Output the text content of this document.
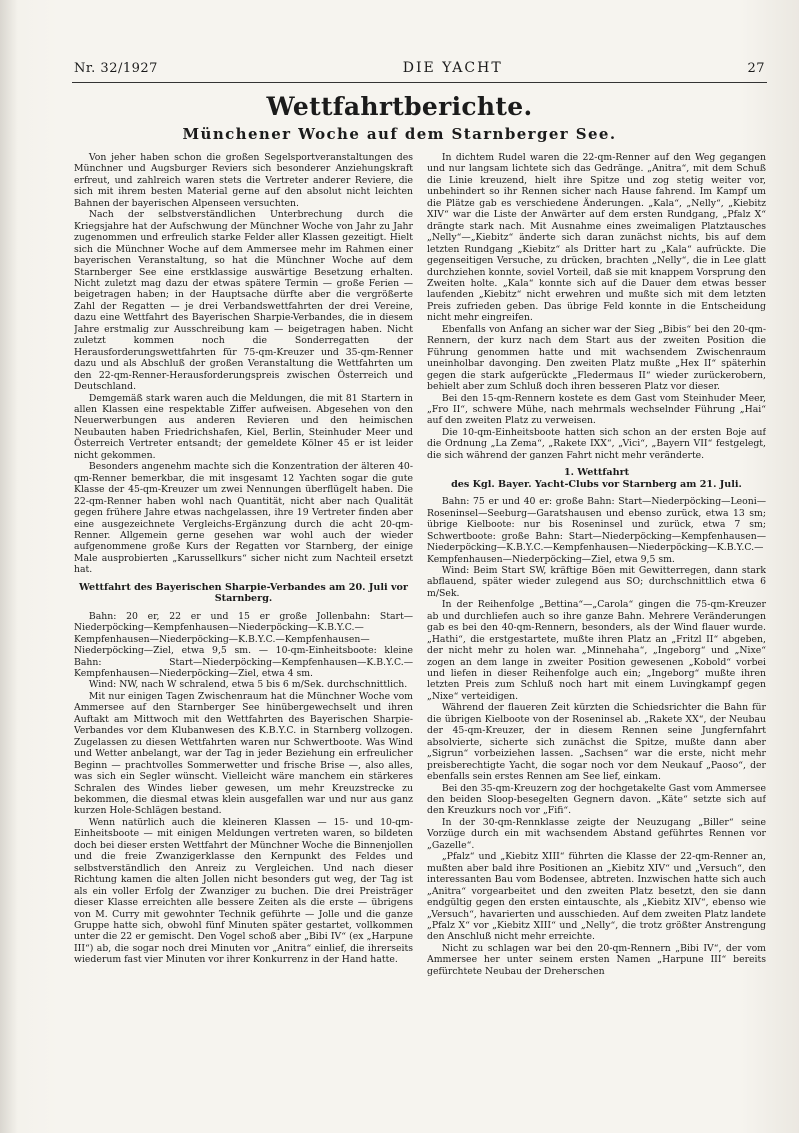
Nr. 32/1927	DIE YACHT	27
Wettfahrtberichte.
Münchener Woche auf dem Starnberger See.

Von jeher haben schon die großen Segelsportveranstaltungen des Münchner und Augsburger Reviers sich besonderer Anziehungskraft erfreut, und zahlreich waren stets die Vertreter anderer Reviere, die sich mit ihrem besten Material gerne auf den absolut nicht leichten Bahnen der bayerischen Alpenseen versuchten.

Nach der selbstverständlichen Unterbrechung durch die Kriegsjahre hat der Aufschwung der Münchner Woche von Jahr zu Jahr zugenommen und erfreulich starke Felder aller Klassen gezeitigt. Hielt sich die Münchner Woche auf dem Ammersee mehr im Rahmen einer bayerischen Veranstaltung, so hat die Münchner Woche auf dem Starnberger See eine erstklassige auswärtige Besetzung erhalten. Nicht zuletzt mag dazu der etwas spätere Termin — große Ferien — beigetragen haben; in der Hauptsache dürfte aber die vergrößerte Zahl der Regatten — je drei Verbandswettfahrten der drei Vereine, dazu eine Wettfahrt des Bayerischen Sharpie-Verbandes, die in diesem Jahre erstmalig zur Ausschreibung kam — beigetragen haben. Nicht zuletzt kommen noch die Sonderregatten der Herausforderungswettfahrten für 75-qm-Kreuzer und 35-qm-Renner dazu und als Abschluß der großen Veranstaltung die Wettfahrten um den 22-qm-Renner-Herausforderungspreis zwischen Österreich und Deutschland.

Demgemäß stark waren auch die Meldungen, die mit 81 Startern in allen Klassen eine respektable Ziffer aufweisen. Abgesehen von den Neuerwerbungen aus anderen Revieren und den heimischen Neubauten haben Friedrichshafen, Kiel, Berlin, Steinhuder Meer und Österreich Vertreter entsandt; der gemeldete Kölner 45 er ist leider nicht gekommen.

Besonders angenehm machte sich die Konzentration der älteren 40-qm-Renner bemerkbar, die mit insgesamt 12 Yachten sogar die gute Klasse der 45-qm-Kreuzer um zwei Nennungen überflügelt haben. Die 22-qm-Renner haben wohl nach Quantität, nicht aber nach Qualität gegen frühere Jahre etwas nachgelassen, ihre 19 Vertreter finden aber eine ausgezeichnete Vergleichs-Ergänzung durch die acht 20-qm-Renner. Allgemein gerne gesehen war wohl auch der wieder aufgenommene große Kurs der Regatten vor Starnberg, der einige Male ausprobierten „Karussellkurs“ sicher nicht zum Nachteil ersetzt hat.

Wettfahrt des Bayerischen Sharpie-Verbandes am 20. Juli vor Starnberg.

Bahn: 20 er, 22 er und 15 er große Jollenbahn: Start—Niederpöcking—Kempfenhausen—Niederpöcking—K.B.Y.C.—Kempfenhausen—Niederpöcking—K.B.Y.C.—Kempfenhausen—Niederpöcking—Ziel, etwa 9,5 sm. — 10-qm-Einheitsboote: kleine Bahn: Start—Niederpöcking—Kempfenhausen—K.B.Y.C.—Kempfenhausen—Niederpöcking—Ziel, etwa 4 sm.

Wind: NW, nach W schralend, etwa 5 bis 6 m/Sek. durchschnittlich.

Mit nur einigen Tagen Zwischenraum hat die Münchner Woche vom Ammersee auf den Starnberger See hinübergewechselt und ihren Auftakt am Mittwoch mit den Wettfahrten des Bayerischen Sharpie-Verbandes vor dem Klubanwesen des K.B.Y.C. in Starnberg vollzogen. Zugelassen zu diesen Wettfahrten waren nur Schwertboote. Was Wind und Wetter anbelangt, war der Tag in jeder Beziehung ein erfreulicher Beginn — prachtvolles Sommerwetter und frische Brise —, also alles, was sich ein Segler wünscht. Vielleicht wäre manchem ein stärkeres Schralen des Windes lieber gewesen, um mehr Kreuzstrecke zu bekommen, die diesmal etwas klein ausgefallen war und nur aus ganz kurzen Hole-Schlägen bestand.

Wenn natürlich auch die kleineren Klassen — 15- und 10-qm-Einheitsboote — mit einigen Meldungen vertreten waren, so bildeten doch bei dieser ersten Wettfahrt der Münchner Woche die Binnenjollen und die freie Zwanzigerklasse den Kernpunkt des Feldes und selbstverständlich den Anreiz zu Vergleichen. Und nach dieser Richtung kamen die alten Jollen nicht besonders gut weg, der Tag ist als ein voller Erfolg der Zwanziger zu buchen. Die drei Preisträger dieser Klasse erreichten alle bessere Zeiten als die erste — übrigens von M. Curry mit gewohnter Technik geführte — Jolle und die ganze Gruppe hatte sich, obwohl fünf Minuten später gestartet, vollkommen unter die 22 er gemischt. Den Vogel schoß aber „Bibi IV“ (ex „Harpune III“) ab, die sogar noch drei Minuten vor „Anitra“ einlief, die ihrerseits wiederum fast vier Minuten vor ihrer Konkurrenz in der Hand hatte.

In dichtem Rudel waren die 22-qm-Renner auf den Weg gegangen und nur langsam lichtete sich das Gedränge. „Anitra“, mit dem Schuß die Linie kreuzend, hielt ihre Spitze und zog stetig weiter vor, unbehindert so ihr Rennen sicher nach Hause fahrend. Im Kampf um die Plätze gab es verschiedene Änderungen. „Kala“, „Nelly“, „Kiebitz XIV“ war die Liste der Anwärter auf dem ersten Rundgang, „Pfalz X“ drängte stark nach. Mit Ausnahme eines zweimaligen Platztausches „Nelly“—„Kiebitz“ änderte sich daran zunächst nichts, bis auf dem letzten Rundgang „Kiebitz“ als Dritter hart zu „Kala“ aufrückte. Die gegenseitigen Versuche, zu drücken, brachten „Nelly“, die in Lee glatt durchziehen konnte, soviel Vorteil, daß sie mit knappem Vorsprung den Zweiten holte. „Kala“ konnte sich auf die Dauer dem etwas besser laufenden „Kiebitz“ nicht erwehren und mußte sich mit dem letzten Preis zufrieden geben. Das übrige Feld konnte in die Entscheidung nicht mehr eingreifen.

Ebenfalls von Anfang an sicher war der Sieg „Bibis“ bei den 20-qm-Rennern, der kurz nach dem Start aus der zweiten Position die Führung genommen hatte und mit wachsendem Zwischenraum uneinholbar davonging. Den zweiten Platz mußte „Hex II“ späterhin gegen die stark aufgerückte „Fledermaus II“ wieder zurückerobern, behielt aber zum Schluß doch ihren besseren Platz vor dieser.

Bei den 15-qm-Rennern kostete es dem Gast vom Steinhuder Meer, „Fro II“, schwere Mühe, nach mehrmals wechselnder Führung „Hai“ auf den zweiten Platz zu verweisen.

Die 10-qm-Einheitsboote hatten sich schon an der ersten Boje auf die Ordnung „La Zema“, „Rakete IXX“, „Vici“, „Bayern VII“ festgelegt, die sich während der ganzen Fahrt nicht mehr veränderte.

1. Wettfahrt
des Kgl. Bayer. Yacht-Clubs vor Starnberg am 21. Juli.

Bahn: 75 er und 40 er: große Bahn: Start—Niederpöcking—Leoni—Roseninsel—Seeburg—Garatshausen und ebenso zurück, etwa 13 sm; übrige Kielboote: nur bis Roseninsel und zurück, etwa 7 sm; Schwertboote: große Bahn: Start—Niederpöcking—Kempfenhausen—Niederpöcking—K.B.Y.C.—Kempfenhausen—Niederpöcking—K.B.Y.C.—Kempfenhausen—Niederpöcking—Ziel, etwa 9,5 sm.

Wind: Beim Start SW, kräftige Böen mit Gewitterregen, dann stark abflauend, später wieder zulegend aus SO; durchschnittlich etwa 6 m/Sek.

In der Reihenfolge „Bettina“—„Carola“ gingen die 75-qm-Kreuzer ab und durchliefen auch so ihre ganze Bahn. Mehrere Veränderungen gab es bei den 40-qm-Rennern, besonders, als der Wind flauer wurde. „Hathi“, die erstgestartete, mußte ihren Platz an „Fritzl II“ abgeben, der nicht mehr zu holen war. „Minnehaha“, „Ingeborg“ und „Nixe“ zogen an dem lange in zweiter Position gewesenen „Kobold“ vorbei und liefen in dieser Reihenfolge auch ein; „Ingeborg“ mußte ihren letzten Preis zum Schluß noch hart mit einem Luvingkampf gegen „Nixe“ verteidigen.

Während der flaueren Zeit kürzten die Schiedsrichter die Bahn für die übrigen Kielboote von der Roseninsel ab. „Rakete XX“, der Neubau der 45-qm-Kreuzer, der in diesem Rennen seine Jungfernfahrt absolvierte, sicherte sich zunächst die Spitze, mußte dann aber „Sigrun“ vorbeiziehen lassen. „Sachsen“ war die erste, nicht mehr preisberechtigte Yacht, die sogar noch vor dem Neukauf „Paoso“, der ebenfalls sein erstes Rennen am See lief, einkam.

Bei den 35-qm-Kreuzern zog der hochgetakelte Gast vom Ammersee den beiden Sloop-besegelten Gegnern davon. „Käte“ setzte sich auf den Kreuzkurs noch vor „Fifi“.

In der 30-qm-Rennklasse zeigte der Neuzugang „Biller“ seine Vorzüge durch ein mit wachsendem Abstand geführtes Rennen vor „Gazelle“.

„Pfalz“ und „Kiebitz XIII“ führten die Klasse der 22-qm-Renner an, mußten aber bald ihre Positionen an „Kiebitz XIV“ und „Versuch“, den interessanten Bau vom Bodensee, abtreten. Inzwischen hatte sich auch „Anitra“ vorgearbeitet und den zweiten Platz besetzt, den sie dann endgültig gegen den ersten eintauschte, als „Kiebitz XIV“, ebenso wie „Versuch“, havarierten und ausschieden. Auf dem zweiten Platz landete „Pfalz X“ vor „Kiebitz XIII“ und „Nelly“, die trotz größter Anstrengung den Anschluß nicht mehr erreichte.

Nicht zu schlagen war bei den 20-qm-Rennern „Bibi IV“, der vom Ammersee her unter seinem ersten Namen „Harpune III“ bereits gefürchtete Neubau der Dreherschen
